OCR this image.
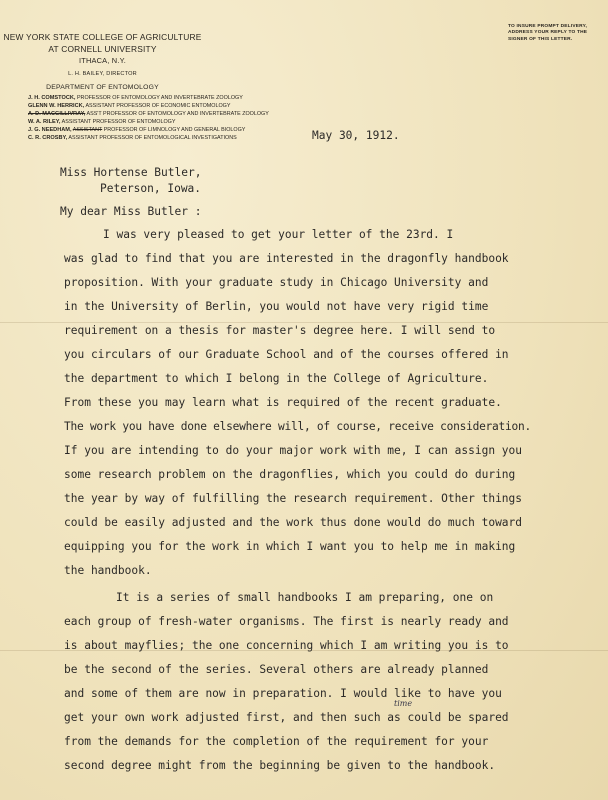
NEW YORK STATE COLLEGE OF AGRICULTURE
AT CORNELL UNIVERSITY
ITHACA, N.Y.
L. H. BAILEY, DIRECTOR
DEPARTMENT OF ENTOMOLOGY
J. H. COMSTOCK, PROFESSOR OF ENTOMOLOGY AND INVERTEBRATE ZOOLOGY
GLENN W. HERRICK, ASSISTANT PROFESSOR OF ECONOMIC ENTOMOLOGY
A. D. MACGILLIVRAY, ASS'T PROFESSOR OF ENTOMOLOGY AND INVERTEBRATE ZOOLOGY
W. A. RILEY, ASSISTANT PROFESSOR OF ENTOMOLOGY
J. G. NEEDHAM, ASSISTANT PROFESSOR OF LIMNOLOGY AND GENERAL BIOLOGY
C. R. CROSBY, ASSISTANT PROFESSOR OF ENTOMOLOGICAL INVESTIGATIONS
TO INSURE PROMPT DELIVERY,
ADDRESS YOUR REPLY TO THE
SIGNER OF THIS LETTER.
May 30, 1912.
Miss Hortense Butler,
Peterson, Iowa.
My dear Miss Butler :
I was very pleased to get your letter of the 23rd. I
was glad to find that you are interested in the dragonfly handbook
proposition. With your graduate study in Chicago University and
in the University of Berlin, you would not have very rigid time
requirement on a thesis for master's degree here. I will send to
you circulars of our Graduate School and of the courses offered in
the department to which I belong in the College of Agriculture.
From these you may learn what is required of the recent graduate.
The work you have done elsewhere will, of course, receive consideration.
If you are intending to do your major work with me, I can assign you
some research problem on the dragonflies, which you could do during
the year by way of fulfilling the research requirement. Other things
could be easily adjusted and the work thus done would do much toward
equipping you for the work in which I want you to help me in making
the handbook.
It is a series of small handbooks I am preparing, one on
each group of fresh-water organisms. The first is nearly ready and
is about mayflies; the one concerning which I am writing you is to
be the second of the series. Several others are already planned
and some of them are now in preparation. I would like to have you
time
get your own work adjusted first, and then such as could be spared
from the demands for the completion of the requirement for your
second degree might from the beginning be given to the handbook.
